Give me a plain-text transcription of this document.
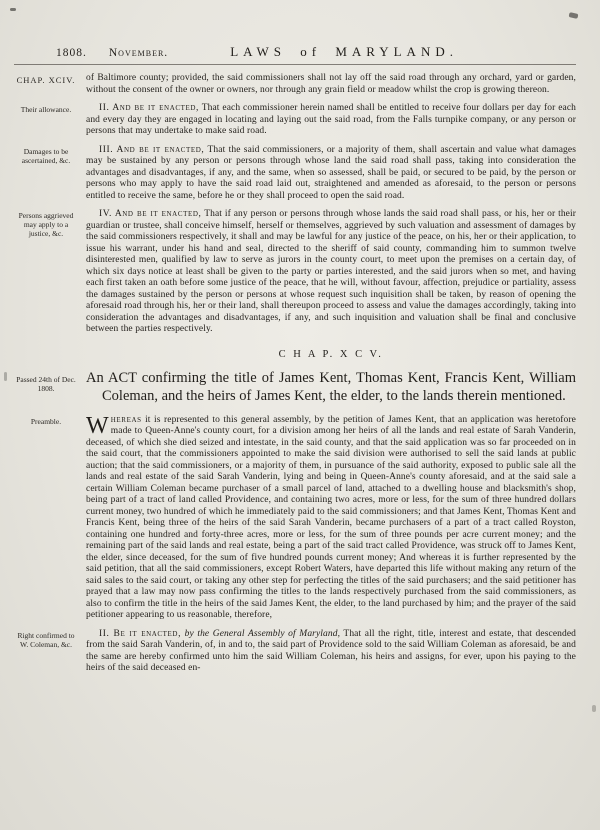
1808. November.	LAWS of MARYLAND.
CHAP. XCIV. of Baltimore county; provided, the said commissioners shall not lay off the said road through any orchard, yard or garden, without the consent of the owner or owners, nor through any grain field or meadow whilst the crop is growing thereon.

Their allowance.	II. And be it enacted, That each commissioner herein named shall be entitled to receive four dollars per day for each and every day they are engaged in locating and laying out the said road, from the Falls turnpike company, or any person or persons that may undertake to make said road.

Damages to be ascertained, &c.

III. And be it enacted, That the said commissioners, or a majority of them, shall ascertain and value what damages may be sustained by any person or persons through whose land the said road shall pass, taking into consideration the advantages and disadvantages, if any, and the same, when so assessed, shall be paid, or secured to be paid, by the person or persons who may apply to have the said road laid out, straightened and amended as aforesaid, to the person or persons entitled to receive the same, before he or they shall proceed to open the said road.

Persons aggrieved may apply to a justice, &c.

IV. And be it enacted, That if any person or persons through whose lands the said road shall pass, or his, her or their guardian or trustee, shall conceive himself, herself or themselves, aggrieved by such valuation and assessment of damages by the said commissioners respectively, it shall and may be lawful for any justice of the peace, on his, her or their application, to issue his warrant, under his hand and seal, directed to the sheriff of said county, commanding him to summon twelve disinterested men, qualified by law to serve as jurors in the county court, to meet upon the premises on a certain day, of which six days notice at least shall be given to the party or parties interested, and the said jurors when so met, and having each first taken an oath before some justice of the peace, that he will, without favour, affection, prejudice or partiality, assess the damages sustained by the person or persons at whose request such inquisition shall be taken, by reason of opening the aforesaid road through his, her or their land, shall thereupon proceed to assess and value the damages accordingly, taking into consideration the advantages and disadvantages, if any, and such inquisition and valuation shall be final and conclusive between the parties respectively.

C H A P. X C V.
Passed 24th of Dec. 1808.
An ACT confirming the title of James Kent, Thomas Kent, Francis Kent, William Coleman, and the heirs of James Kent, the elder, to the lands therein mentioned.
Preamble.	Whereas it is represented to this general assembly, by the petition of James Kent, that an application was heretofore made to Queen-Anne's county court, for a division among her heirs of all the lands and real estate of Sarah Vanderin, deceased, of which she died seized and intestate, in the said county, and that the said application was so far proceeded on in the said court, that the commissioners appointed to make the said division were authorised to sell the said lands at public auction; that the said commissioners, or a majority of them, in pursuance of the said authority, exposed to public sale all the lands and real estate of the said Sarah Vanderin, lying and being in Queen-Anne's county aforesaid, and at the said sale a certain William Coleman became purchaser of a small parcel of land, attached to a dwelling house and blacksmith's shop, being part of a tract of land called Providence, and containing two acres, more or less, for the sum of three hundred dollars current money, two hundred of which he immediately paid to the said commissioners; and that James Kent, Thomas Kent and Francis Kent, being three of the heirs of the said Sarah Vanderin, became purchasers of a part of a tract called Royston, containing one hundred and forty-three acres, more or less, for the sum of three pounds per acre current money; and the remaining part of the said lands and real estate, being a part of the said tract called Providence, was struck off to James Kent, the elder, since deceased, for the sum of five hundred pounds current money; And whereas it is further represented by the said petition, that all the said commissioners, except Robert Waters, have departed this life without making any return of the said sales to the said court, or taking any other step for perfecting the titles of the said purchasers; and the said petitioner has prayed that a law may now pass confirming the titles to the lands respectively purchased from the said commissioners, as also to confirm the title in the heirs of the said James Kent, the elder, to the land purchased by him; and the prayer of the said petitioner appearing to us reasonable, therefore,

Right confirmed to W. Coleman, &c.

II. Be it enacted, by the General Assembly of Maryland, That all the right, title, interest and estate, that descended from the said Sarah Vanderin, of, in and to, the said part of Providence sold to the said William Coleman as aforesaid, be and the same are hereby confirmed unto him the said William Coleman, his heirs and assigns, for ever, upon his paying to the heirs of the said deceased en-
